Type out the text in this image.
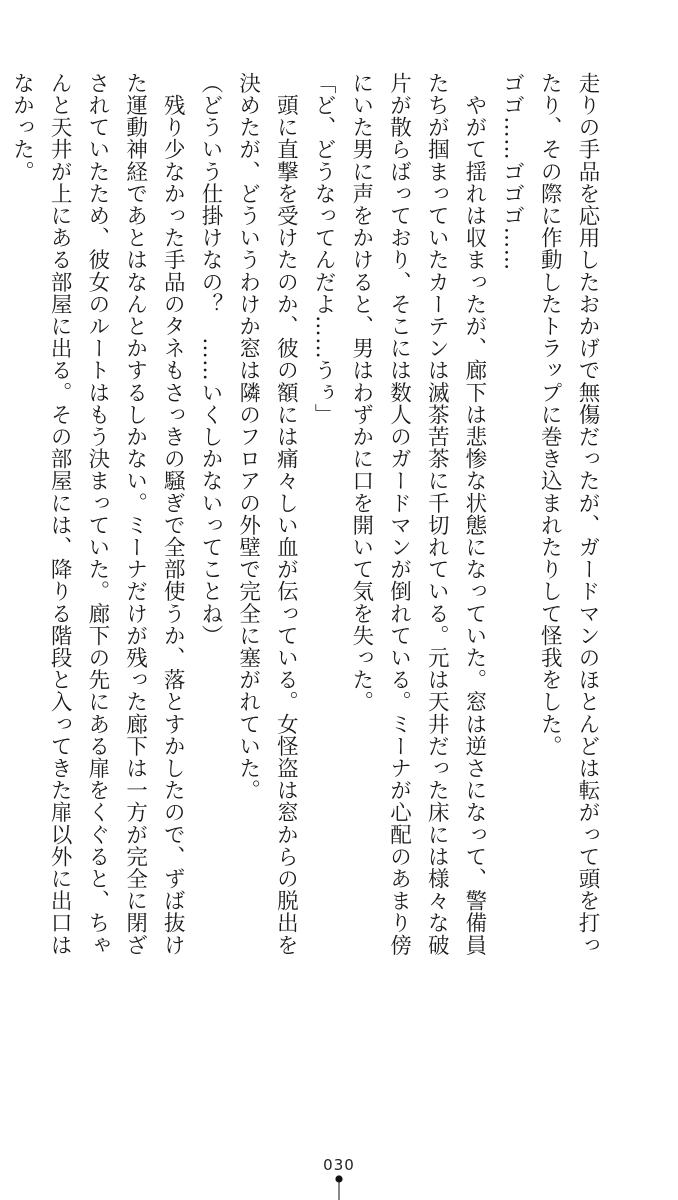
走りの手品を応用したおかげで無傷だったが、ガードマンのほとんどは転がって頭を打っ

たり、その際に作動したトラップに巻き込まれたりして怪我をした。

ゴゴ……ゴゴゴ……

　やがて揺れは収まったが、廊下は悲惨な状態になっていた。窓は逆さになって、警備員

たちが掴まっていたカーテンは滅茶苦茶に千切れている。元は天井だった床には様々な破

片が散らばっており、そこには数人のガードマンが倒れている。ミーナが心配のあまり傍

にいた男に声をかけると、男はわずかに口を開いて気を失った。

「ど、どうなってんだよ……うぅ」

　頭に直撃を受けたのか、彼の額には痛々しい血が伝っている。女怪盗は窓からの脱出を

決めたが、どういうわけか窓は隣のフロアの外壁で完全に塞がれていた。

（どういう仕掛けなの？　……いくしかないってことね）

　残り少なかった手品のタネもさっきの騒ぎで全部使うか、落とすかしたので、ずば抜け

た運動神経であとはなんとかするしかない。ミーナだけが残った廊下は一方が完全に閉ざ

されていたため、彼女のルートはもう決まっていた。廊下の先にある扉をくぐると、ちゃ

んと天井が上にある部屋に出る。その部屋には、降りる階段と入ってきた扉以外に出口は

なかった。

030
